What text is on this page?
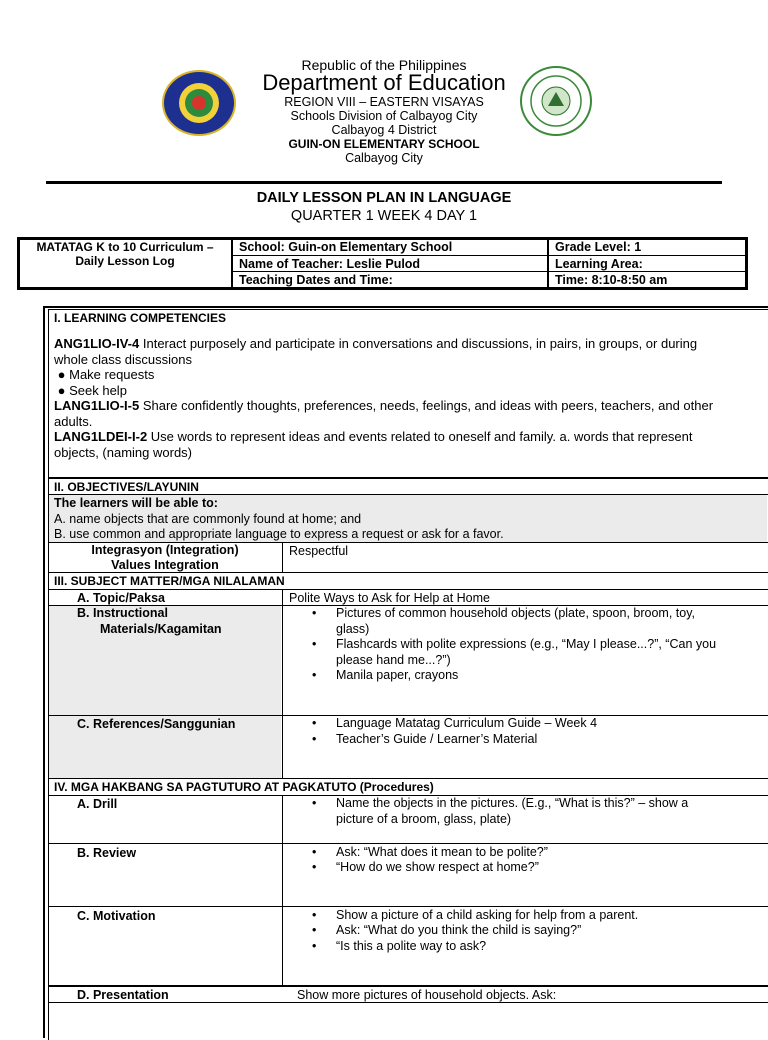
Republic of the Philippines
Department of Education
REGION VIII – EASTERN VISAYAS
Schools Division of Calbayog City
Calbayog 4 District
GUIN-ON ELEMENTARY SCHOOL
Calbayog City
DAILY LESSON PLAN IN LANGUAGE
QUARTER 1 WEEK 4 DAY 1
MATATAG K to 10 Curriculum – Daily Lesson Log
School: Guin-on Elementary School	Grade Level: 1
Name of Teacher: Leslie Pulod	Learning Area:
Teaching Dates and Time:	Time: 8:10-8:50 am
I. LEARNING COMPETENCIES
ANG1LIO-IV-4 Interact purposely and participate in conversations and discussions, in pairs, in groups, or during
whole class discussions
● Make requests
● Seek help
LANG1LIO-I-5 Share confidently thoughts, preferences, needs, feelings, and ideas with peers, teachers, and other
adults.
LANG1LDEI-I-2 Use words to represent ideas and events related to oneself and family. a. words that represent
objects, (naming words)
II. OBJECTIVES/LAYUNIN
The learners will be able to:
A. name objects that are commonly found at home; and
B. use common and appropriate language to express a request or ask for a favor.
Integrasyon (Integration)
Values Integration
Respectful
III. SUBJECT MATTER/MGA NILALAMAN
A. Topic/Paksa	Polite Ways to Ask for Help at Home
B. Instructional
Materials/Kagamitan
• Pictures of common household objects (plate, spoon, broom, toy,
glass)
• Flashcards with polite expressions (e.g., “May I please...?”, “Can you
please hand me...?”)
• Manila paper, crayons
C. References/Sanggunian	• Language Matatag Curriculum Guide – Week 4
• Teacher’s Guide / Learner’s Material
IV. MGA HAKBANG SA PAGTUTURO AT PAGKATUTO (Procedures)
A. Drill	• Name the objects in the pictures. (E.g., “What is this?” – show a
picture of a broom, glass, plate)
B. Review	• Ask: “What does it mean to be polite?”
• “How do we show respect at home?”
C. Motivation	• Show a picture of a child asking for help from a parent.
• Ask: “What do you think the child is saying?”
• “Is this a polite way to ask?
D. Presentation	Show more pictures of household objects. Ask:
